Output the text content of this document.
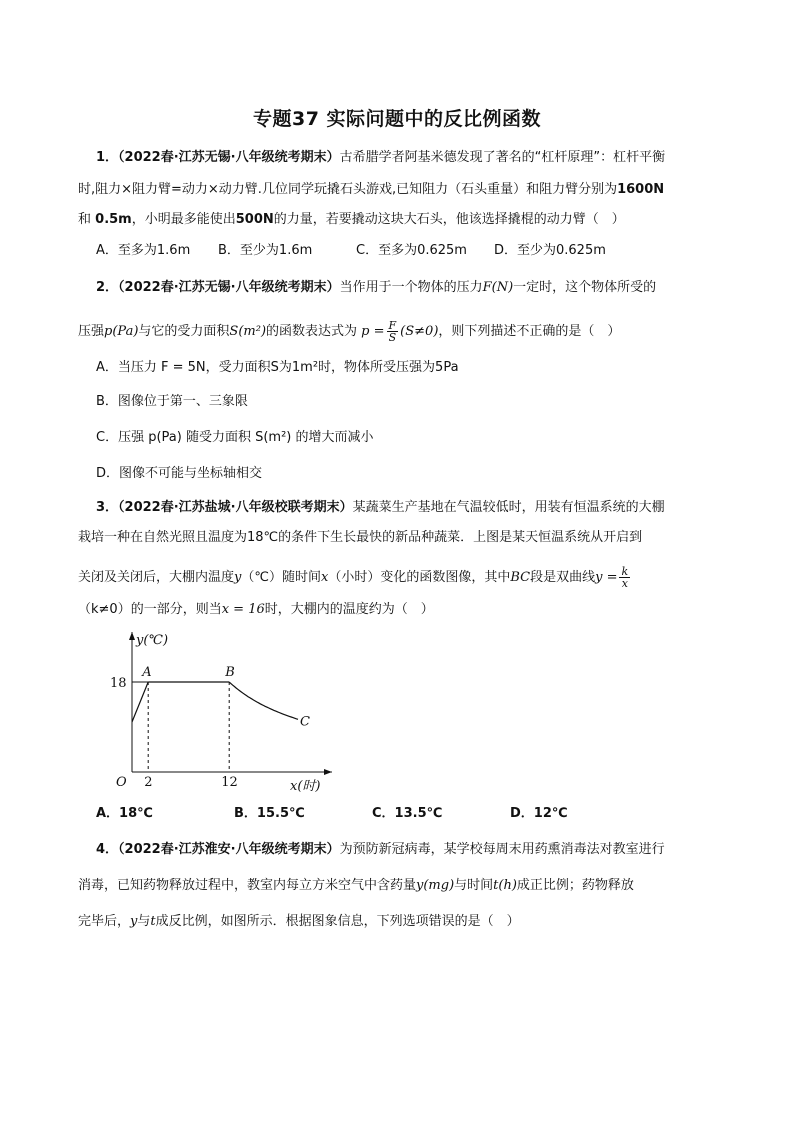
专题37 实际问题中的反比例函数
1．（2022春·江苏无锡·八年级统考期末）古希腊学者阿基米德发现了著名的“杠杆原理”：杠杆平衡
时,阻力×阻力臂=动力×动力臂.几位同学玩撬石头游戏,已知阻力（石头重量）和阻力臂分别为1600N
和 0.5m，小明最多能使出500N的力量，若要撬动这块大石头，他该选择撬棍的动力臂（　）
A．至多为1.6m B．至少为1.6m	C．至多为0.625m D．至少为0.625m
2．（2022春·江苏无锡·八年级统考期末）当作用于一个物体的压力F(N)一定时，这个物体所受的
压强p(Pa)与它的受力面积S(m²)的函数表达式为 $p = \frac{F}{S} (S\ne 0)$，则下列描述不正确的是（　）
A．当压力 F = 5N，受力面积S为1m²时，物体所受压强为5Pa
B．图像位于第一、三象限
C．压强 p(Pa) 随受力面积 S(m²) 的增大而减小
D．图像不可能与坐标轴相交
3．（2022春·江苏盐城·八年级校联考期末）某蔬菜生产基地在气温较低时，用装有恒温系统的大棚
栽培一种在自然光照且温度为18℃的条件下生长最快的新品种蔬菜．上图是某天恒温系统从开启到
关闭及关闭后，大棚内温度y（℃）随时间x（小时）变化的函数图像，其中BC段是双曲线$y = \frac{k}{x}$
（k≠0）的一部分，则当x = 16时，大棚内的温度约为（　）
y(℃)
18
A	B
C
O 2	12	x(时)
A．18℃	B．15.5℃	C．13.5℃	D．12℃
4．（2022春·江苏淮安·八年级统考期末）为预防新冠病毒，某学校每周末用药熏消毒法对教室进行
消毒，已知药物释放过程中，教室内每立方米空气中含药量y(mg)与时间t(h)成正比例；药物释放
完毕后，y与t成反比例，如图所示．根据图象信息，下列选项错误的是（　）
